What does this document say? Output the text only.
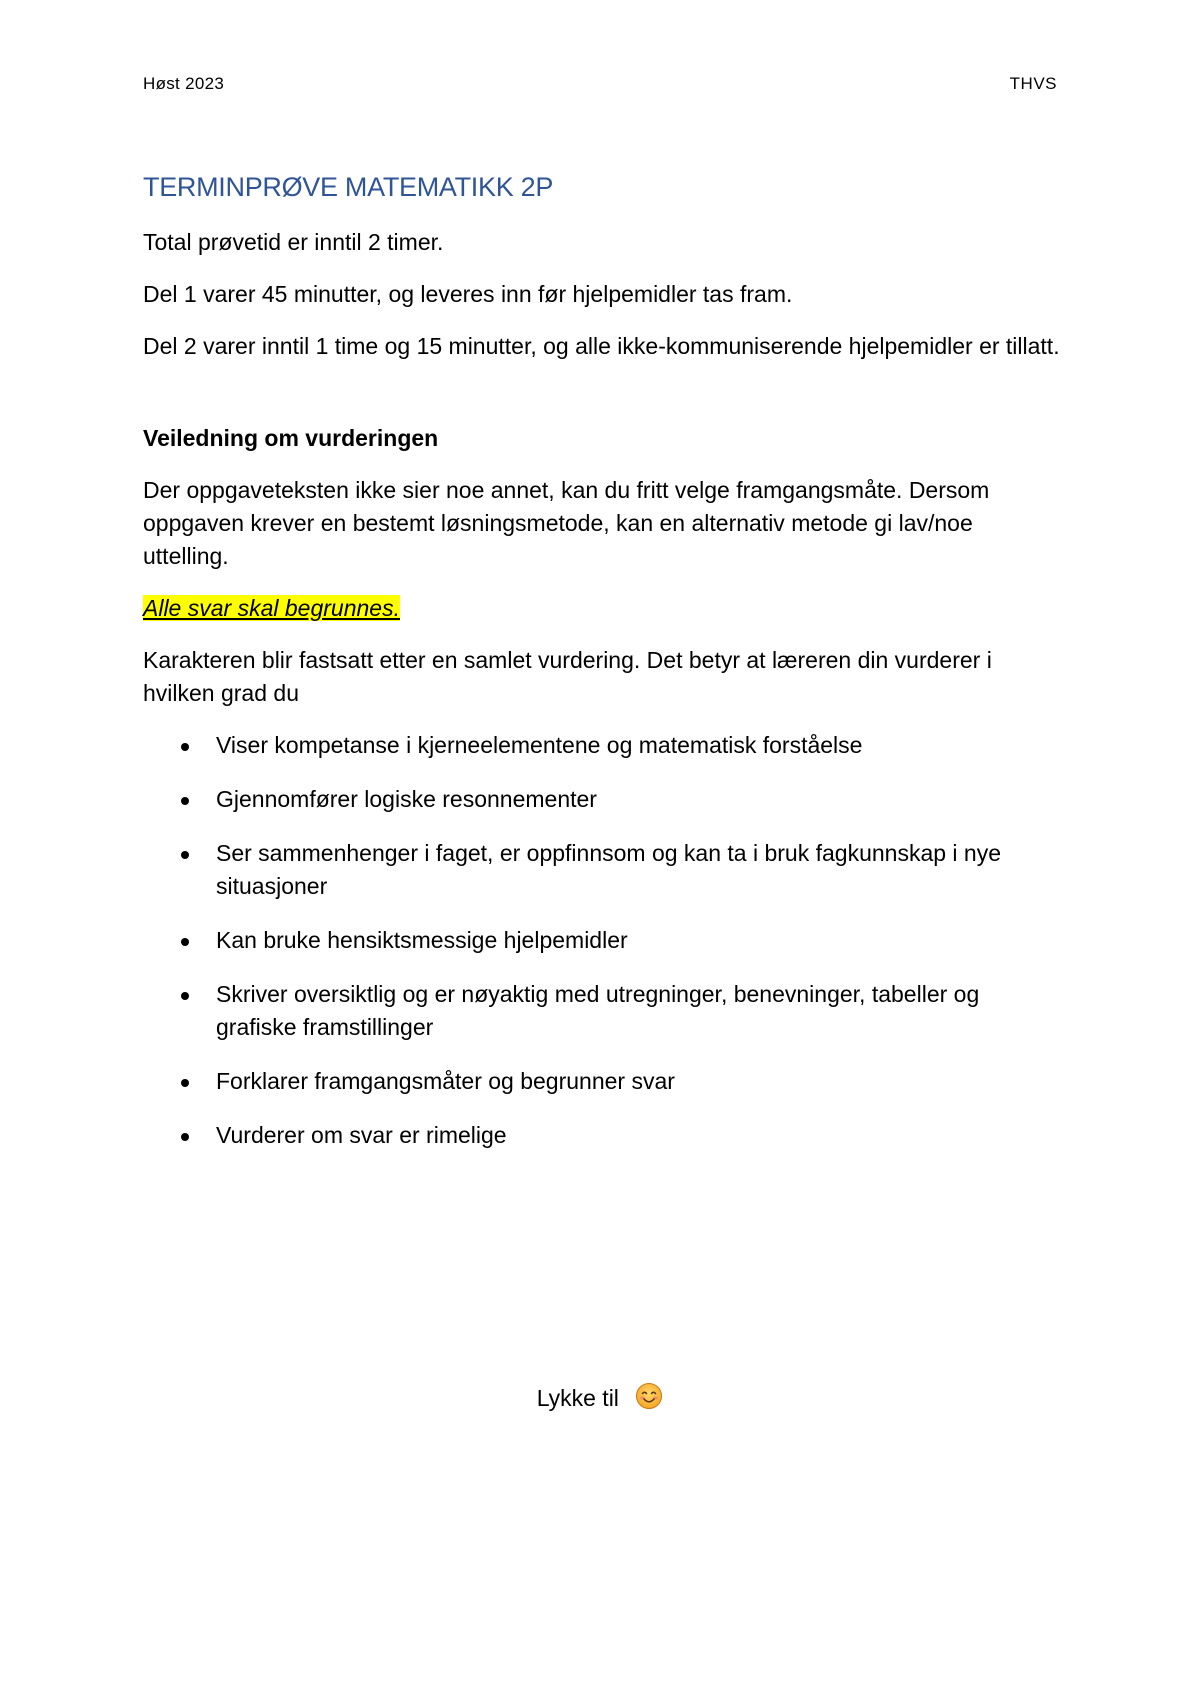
Høst 2023	THVS
TERMINPRØVE MATEMATIKK 2P

Total prøvetid er inntil 2 timer.

Del 1 varer 45 minutter, og leveres inn før hjelpemidler tas fram.

Del 2 varer inntil 1 time og 15 minutter, og alle ikke-kommuniserende hjelpemidler er tillatt.

Veiledning om vurderingen

Der oppgaveteksten ikke sier noe annet, kan du fritt velge framgangsmåte. Dersom oppgaven krever en bestemt løsningsmetode, kan en alternativ metode gi lav/noe uttelling.

Alle svar skal begrunnes.

Karakteren blir fastsatt etter en samlet vurdering. Det betyr at læreren din vurderer i hvilken grad du

Viser kompetanse i kjerneelementene og matematisk forståelse
Gjennomfører logiske resonnementer
Ser sammenhenger i faget, er oppfinnsom og kan ta i bruk fagkunnskap i nye situasjoner
Kan bruke hensiktsmessige hjelpemidler
Skriver oversiktlig og er nøyaktig med utregninger, benevninger, tabeller og grafiske framstillinger
Forklarer framgangsmåter og begrunner svar
Vurderer om svar er rimelige
Lykke til
